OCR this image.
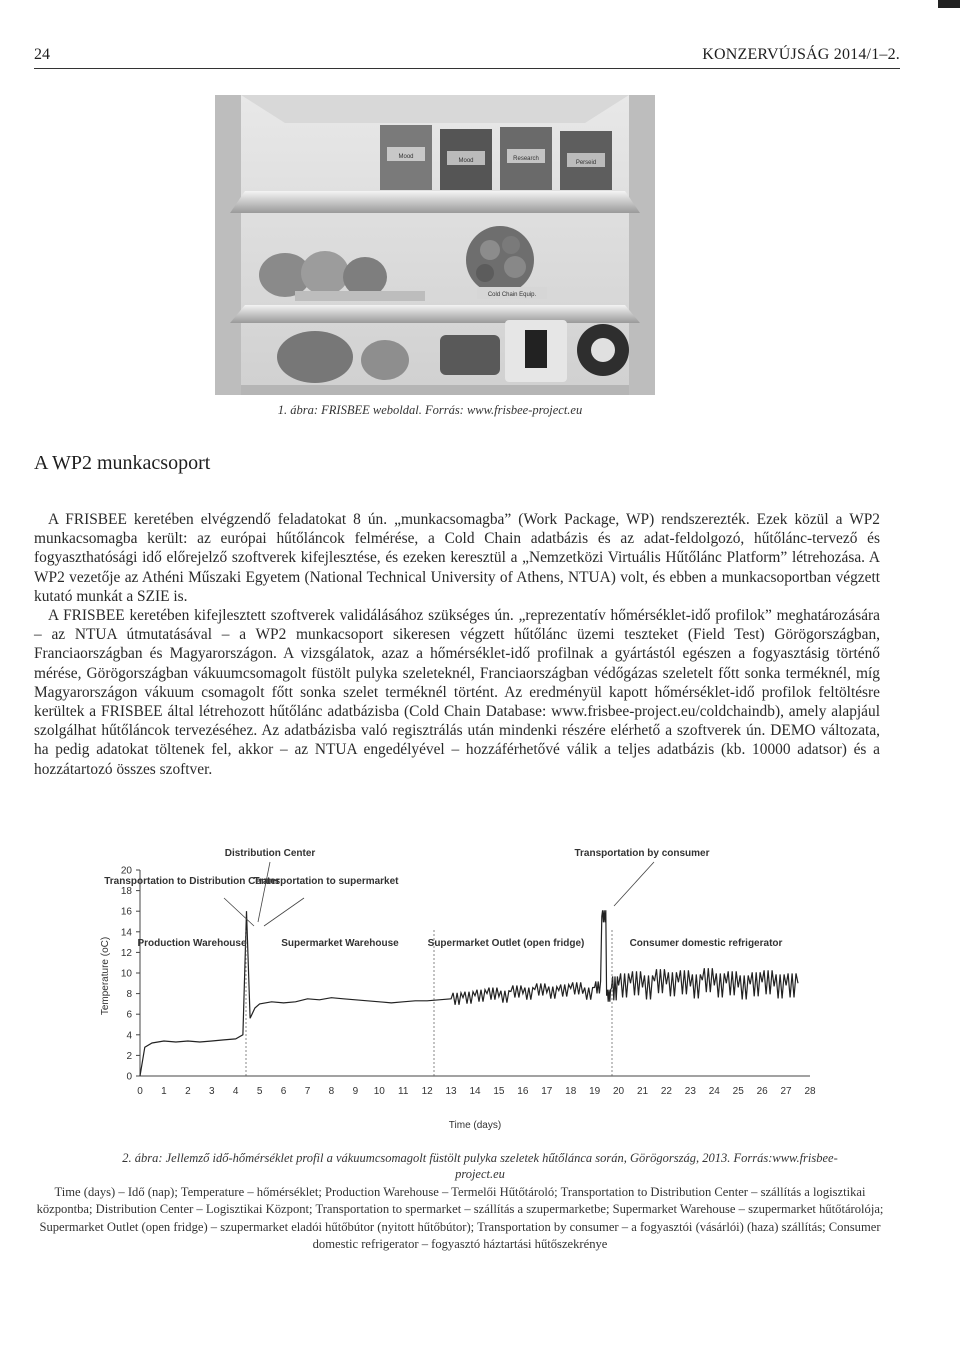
24	KONZERVÚJSÁG 2014/1–2.
Mood
Mood	Research
Perseid
Cold Chain Equip.
1. ábra: FRISBEE weboldal. Forrás: www.frisbee-project.eu
A WP2 munkacsoport

A FRISBEE keretében elvégzendő feladatokat 8 ún. „munkacsomagba” (Work Package, WP) rendszerezték. Ezek közül a WP2 munkacsomagba került: az európai hűtőláncok felmérése, a Cold Chain adatbázis és az adat-feldolgozó, hűtőlánc-tervező és fogyaszthatósági idő előrejelző szoftverek kifejlesztése, és ezeken keresztül a „Nemzetközi Virtuális Hűtőlánc Platform” létrehozása. A WP2 vezetője az Athéni Műszaki Egyetem (National Technical University of Athens, NTUA) volt, és ebben a munkacsoportban végzett kutató munkát a SZIE is.

A FRISBEE keretében kifejlesztett szoftverek validálásához szükséges ún. „reprezentatív hőmérséklet-idő profilok” meghatározására – az NTUA útmutatásával – a WP2 munkacsoport sikeresen végzett hűtőlánc üzemi teszteket (Field Test) Görögországban, Franciaországban és Magyarországon. A vizsgálatok, azaz a hőmérséklet-idő profilnak a gyártástól egészen a fogyasztásig történő mérése, Görögországban vákuumcsomagolt füstölt pulyka szeleteknél, Franciaországban védőgázas szeletelt főtt sonka terméknél, míg Magyarországon vákuum csomagolt főtt sonka szelet terméknél történt. Az eredményül kapott hőmérséklet-idő profilok feltöltésre kerültek a FRISBEE által létrehozott hűtőlánc adatbázisba (Cold Chain Database: www.frisbee-project.eu/coldchaindb), amely alapjául szolgálhat hűtőláncok tervezéséhez. Az adatbázisba való regisztrálás után mindenki részére elérhető a szoftverek ún. DEMO változata, ha pedig adatokat töltenek fel, akkor – az NTUA engedélyével – hozzáférhetővé válik a teljes adatbázis (kb. 10000 adatsor) és a hozzátartozó összes szoftver.

0
2
4
6
8
10
12
14
16
18
20
0 1 2 3 4 5 6 7 8 9 10 11 12 13 14 15 16 17 18 19 20 21 22 23 24 25 26 27 28
Temperature (oC)
Time (days)
Distribution Center
Transportation to Distribution Center
Transportation to supermarket
Production Warehouse	Supermarket Warehouse	Supermarket Outlet (open fridge)
Transportation by consumer
Consumer domestic refrigerator
2. ábra: Jellemző idő-hőmérséklet profil a vákuumcsomagolt füstölt pulyka szeletek hűtőlánca során, Görögország, 2013. Forrás:www.frisbee-project.eu
Time (days) – Idő (nap); Temperature – hőmérséklet; Production Warehouse – Termelői Hűtőtároló; Transportation to Distribution Center – szállítás a logisztikai központba; Distribution Center – Logisztikai Központ; Transportation to spermarket – szállítás a szupermarketbe; Supermarket Warehouse – szupermarket hűtőtárolója; Supermarket Outlet (open fridge) – szupermarket eladói hűtőbútor (nyitott hűtőbútor); Transportation by consumer – a fogyasztói (vásárlói) (haza) szállítás; Consumer domestic refrigerator – fogyasztó háztartási hűtőszekrénye
